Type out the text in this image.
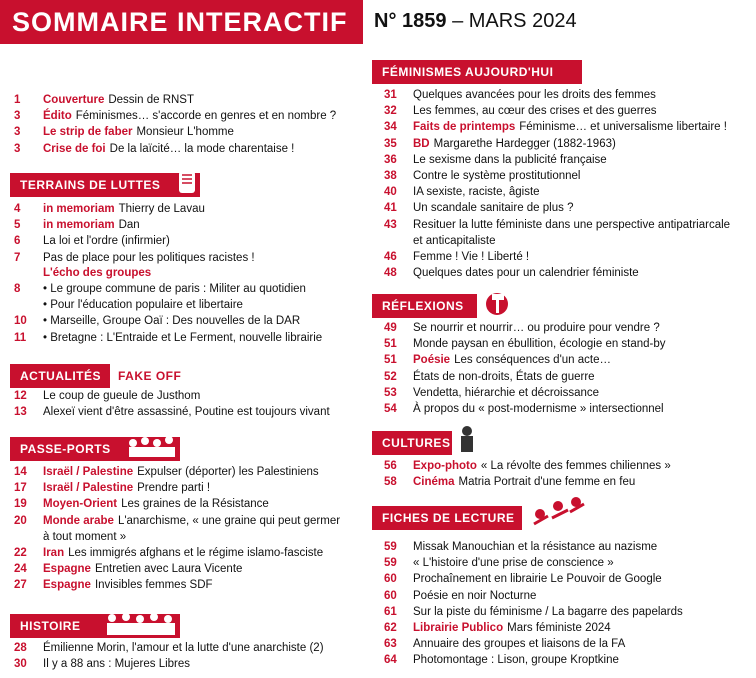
SOMMAIRE INTERACTIF	N° 1859 – MARS 2024
1	Couverture Dessin de RNST
3	Édito Féminismes… s'accorde en genres et en nombre ?
3	Le strip de faber Monsieur L'homme
3	Crise de foi De la laïcité… la mode charentaise !
4	in memoriam Thierry de Lavau
5	in memoriam Dan
6	La loi et l'ordre (infirmier)
7	Pas de place pour les politiques racistes !
L'écho des groupes
8	• Le groupe commune de paris : Militer au quotidien
• Pour l'éducation populaire et libertaire
10	• Marseille, Groupe Oaï : Des nouvelles de la DAR
11	• Bretagne : L'Entraide et Le Ferment, nouvelle librairie
12	Le coup de gueule de Justhom
13	Alexeï vient d'être assassiné, Poutine est toujours vivant
14	Israël / Palestine Expulser (déporter) les Palestiniens
17	Israël / Palestine Prendre parti !
19	Moyen-Orient Les graines de la Résistance
20	Monde arabe L'anarchisme, « une graine qui peut germer
à tout moment »
22	Iran Les immigrés afghans et le régime islamo-fasciste
24	Espagne Entretien avec Laura Vicente
27	Espagne Invisibles femmes SDF
28	Émilienne Morin, l'amour et la lutte d'une anarchiste (2)
30	Il y a 88 ans : Mujeres Libres
31	Quelques avancées pour les droits des femmes
32	Les femmes, au cœur des crises et des guerres
34	Faits de printemps Féminisme… et universalisme libertaire !
35	BD Margarethe Hardegger (1882-1963)
36	Le sexisme dans la publicité française
38	Contre le système prostitutionnel
40	IA sexiste, raciste, âgiste
41	Un scandale sanitaire de plus ?
43	Resituer la lutte féministe dans une perspective antipatriarcale
et anticapitaliste
46	Femme ! Vie ! Liberté !
48	Quelques dates pour un calendrier féministe
49	Se nourrir et nourrir… ou produire pour vendre ?
51	Monde paysan en ébullition, écologie en stand-by
51	Poésie Les conséquences d'un acte…
52	États de non-droits, États de guerre
53	Vendetta, hiérarchie et décroissance
54	À propos du « post-modernisme » intersectionnel
56	Expo-photo « La révolte des femmes chiliennes »
58	Cinéma Matria Portrait d'une femme en feu
59	Missak Manouchian et la résistance au nazisme
59	« L'histoire d'une prise de conscience »
60	Prochaînement en librairie Le Pouvoir de Google
60	Poésie en noir Nocturne
61	Sur la piste du féminisme / La bagarre des papelards
62	Librairie Publico Mars féministe 2024
63	Annuaire des groupes et liaisons de la FA
64	Photomontage : Lison, groupe Kroptkine
TERRAINS DE LUTTES
ACTUALITÉS	FAKE OFF
PASSE-PORTS
HISTOIRE
FÉMINISMES AUJOURD'HUI
RÉFLEXIONS
CULTURES
FICHES DE LECTURE
